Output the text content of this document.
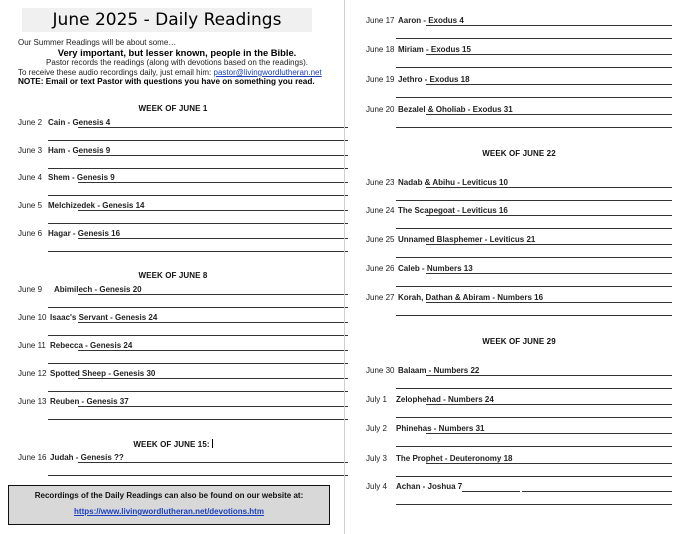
June 2025 - Daily Readings
Our Summer Readings will be about some…
Very important, but lesser known, people in the Bible.
Pastor records the readings (along with devotions based on the readings).
To receive these audio recordings daily, just email him: pastor@livingwordlutheran.net
NOTE: Email or text Pastor with questions you have on something you read.
WEEK OF JUNE 1
June 2 Cain - Genesis 4
June 3 Ham - Genesis 9
June 4 Shem - Genesis 9
June 5 Melchizedek - Genesis 14
June 6 Hagar - Genesis 16
WEEK OF JUNE 8
June 9 Abimilech - Genesis 20
June 10 Isaac's Servant - Genesis 24
June 11 Rebecca - Genesis 24
June 12 Spotted Sheep - Genesis 30
June 13 Reuben - Genesis 37
WEEK OF JUNE 15:
June 16 Judah - Genesis ??
Recordings of the Daily Readings can also be found on our website at:
https://www.livingwordlutheran.net/devotions.htm
June 17 Aaron - Exodus 4
June 18 Miriam - Exodus 15
June 19 Jethro - Exodus 18
June 20 Bezalel & Oholiab - Exodus 31
WEEK OF JUNE 22
June 23 Nadab & Abihu - Leviticus 10
June 24 The Scapegoat - Leviticus 16
June 25 Unnamed Blasphemer - Leviticus 21
June 26 Caleb - Numbers 13
June 27 Korah, Dathan & Abiram - Numbers 16
WEEK OF JUNE 29
June 30 Balaam - Numbers 22
July 1 Zelophehad - Numbers 24
July 2 Phinehas - Numbers 31
July 3 The Prophet - Deuteronomy 18
July 4 Achan - Joshua 7
